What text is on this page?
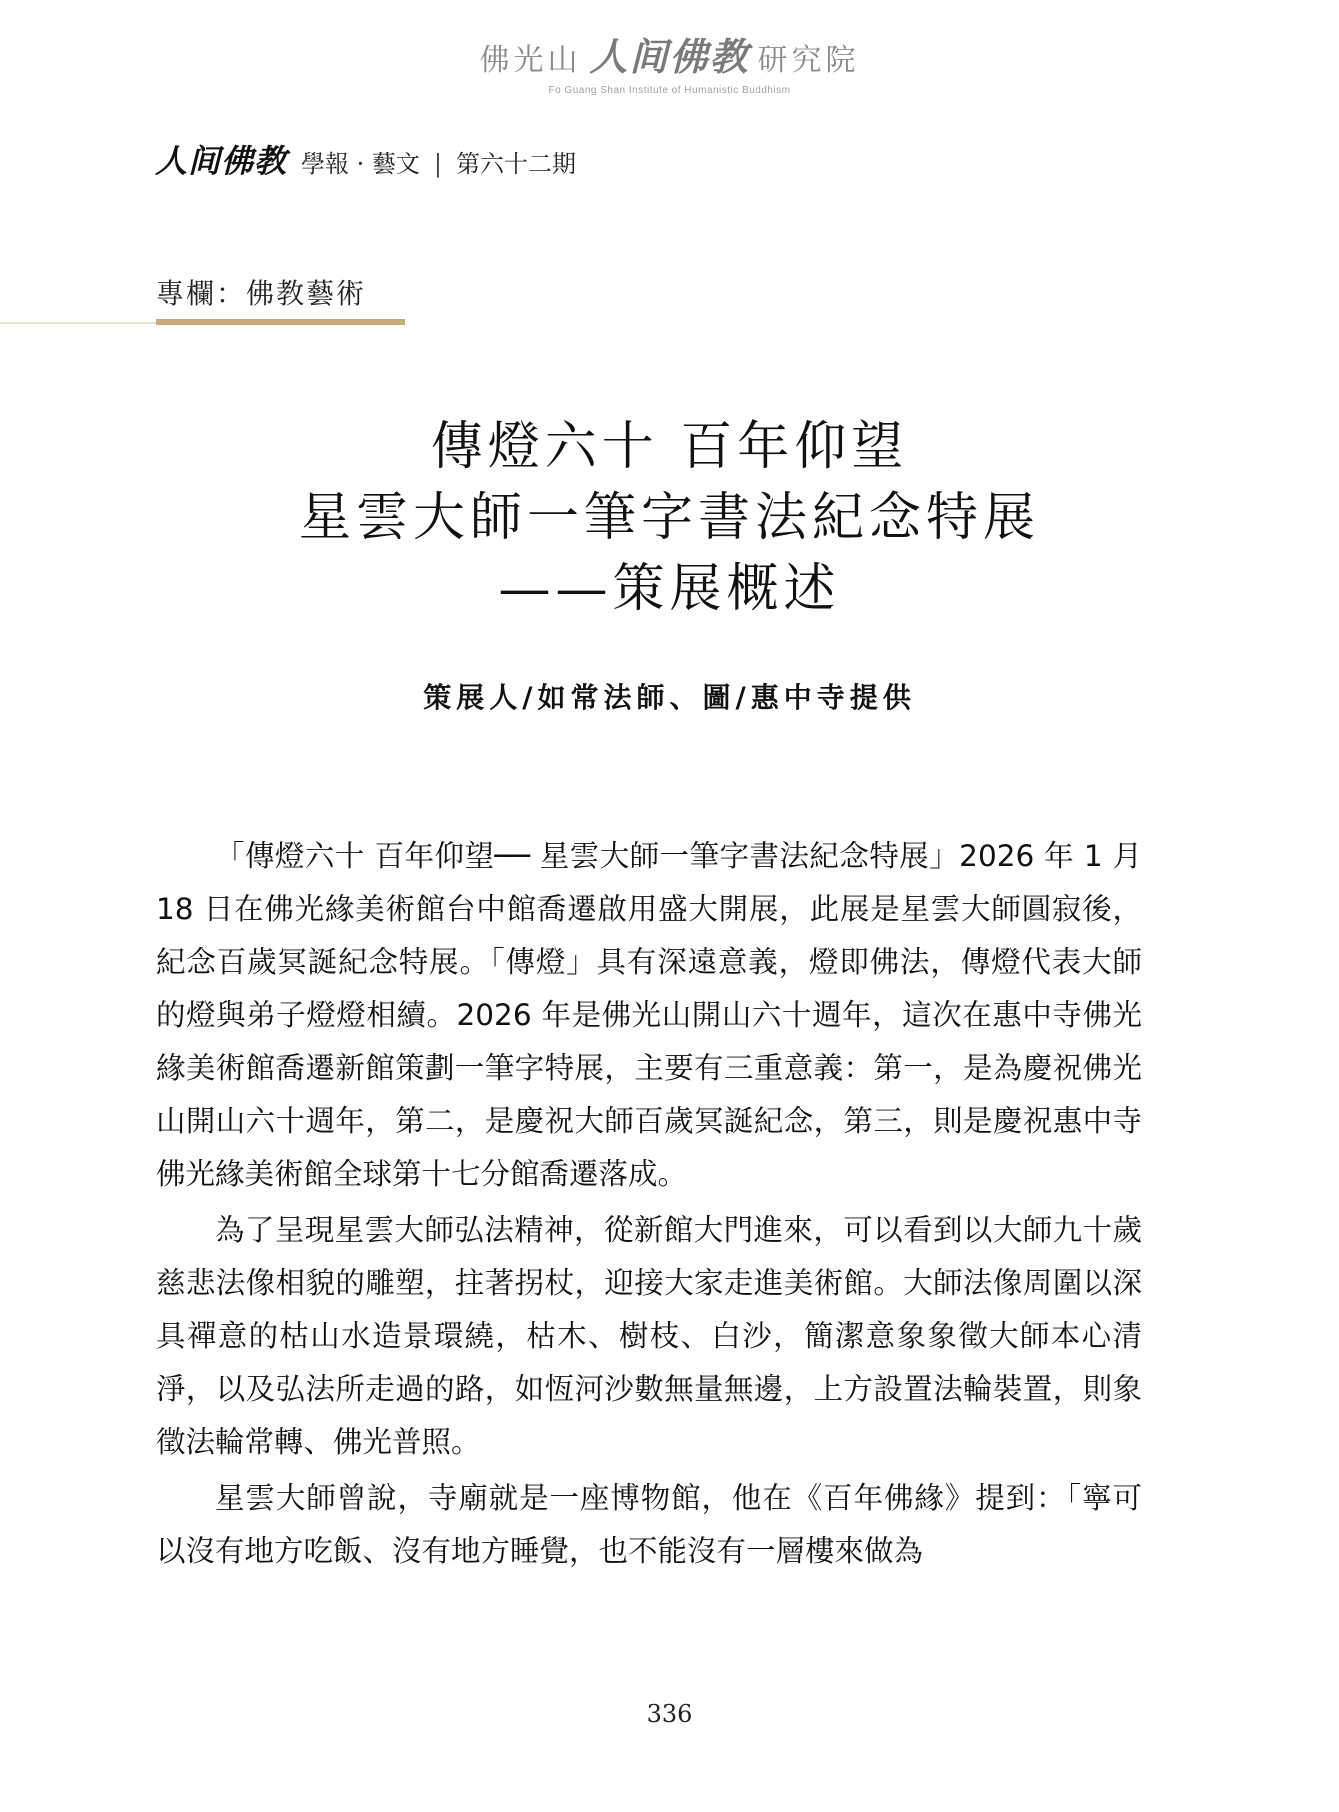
佛光山 人间佛教 研究院
Fo Guang Shan Institute of Humanistic Buddhism
人间佛教 學報 · 藝文 | 第六十二期
專欄：佛教藝術
傳燈六十 百年仰望
星雲大師一筆字書法紀念特展
——策展概述
策展人/如常法師、圖/惠中寺提供

「傳燈六十 百年仰望── 星雲大師一筆字書法紀念特展」2026 年 1 月 18 日在佛光緣美術館台中館喬遷啟用盛大開展，此展是星雲大師圓寂後，紀念百歲冥誕紀念特展。「傳燈」具有深遠意義，燈即佛法，傳燈代表大師的燈與弟子燈燈相續。2026 年是佛光山開山六十週年，這次在惠中寺佛光緣美術館喬遷新館策劃一筆字特展，主要有三重意義：第一，是為慶祝佛光山開山六十週年，第二，是慶祝大師百歲冥誕紀念，第三，則是慶祝惠中寺佛光緣美術館全球第十七分館喬遷落成。

為了呈現星雲大師弘法精神，從新館大門進來，可以看到以大師九十歲慈悲法像相貌的雕塑，拄著拐杖，迎接大家走進美術館。大師法像周圍以深具禪意的枯山水造景環繞，枯木、樹枝、白沙，簡潔意象象徵大師本心清淨，以及弘法所走過的路，如恆河沙數無量無邊，上方設置法輪裝置，則象徵法輪常轉、佛光普照。

星雲大師曾說，寺廟就是一座博物館，他在《百年佛緣》提到：「寧可以沒有地方吃飯、沒有地方睡覺，也不能沒有一層樓來做為

336
